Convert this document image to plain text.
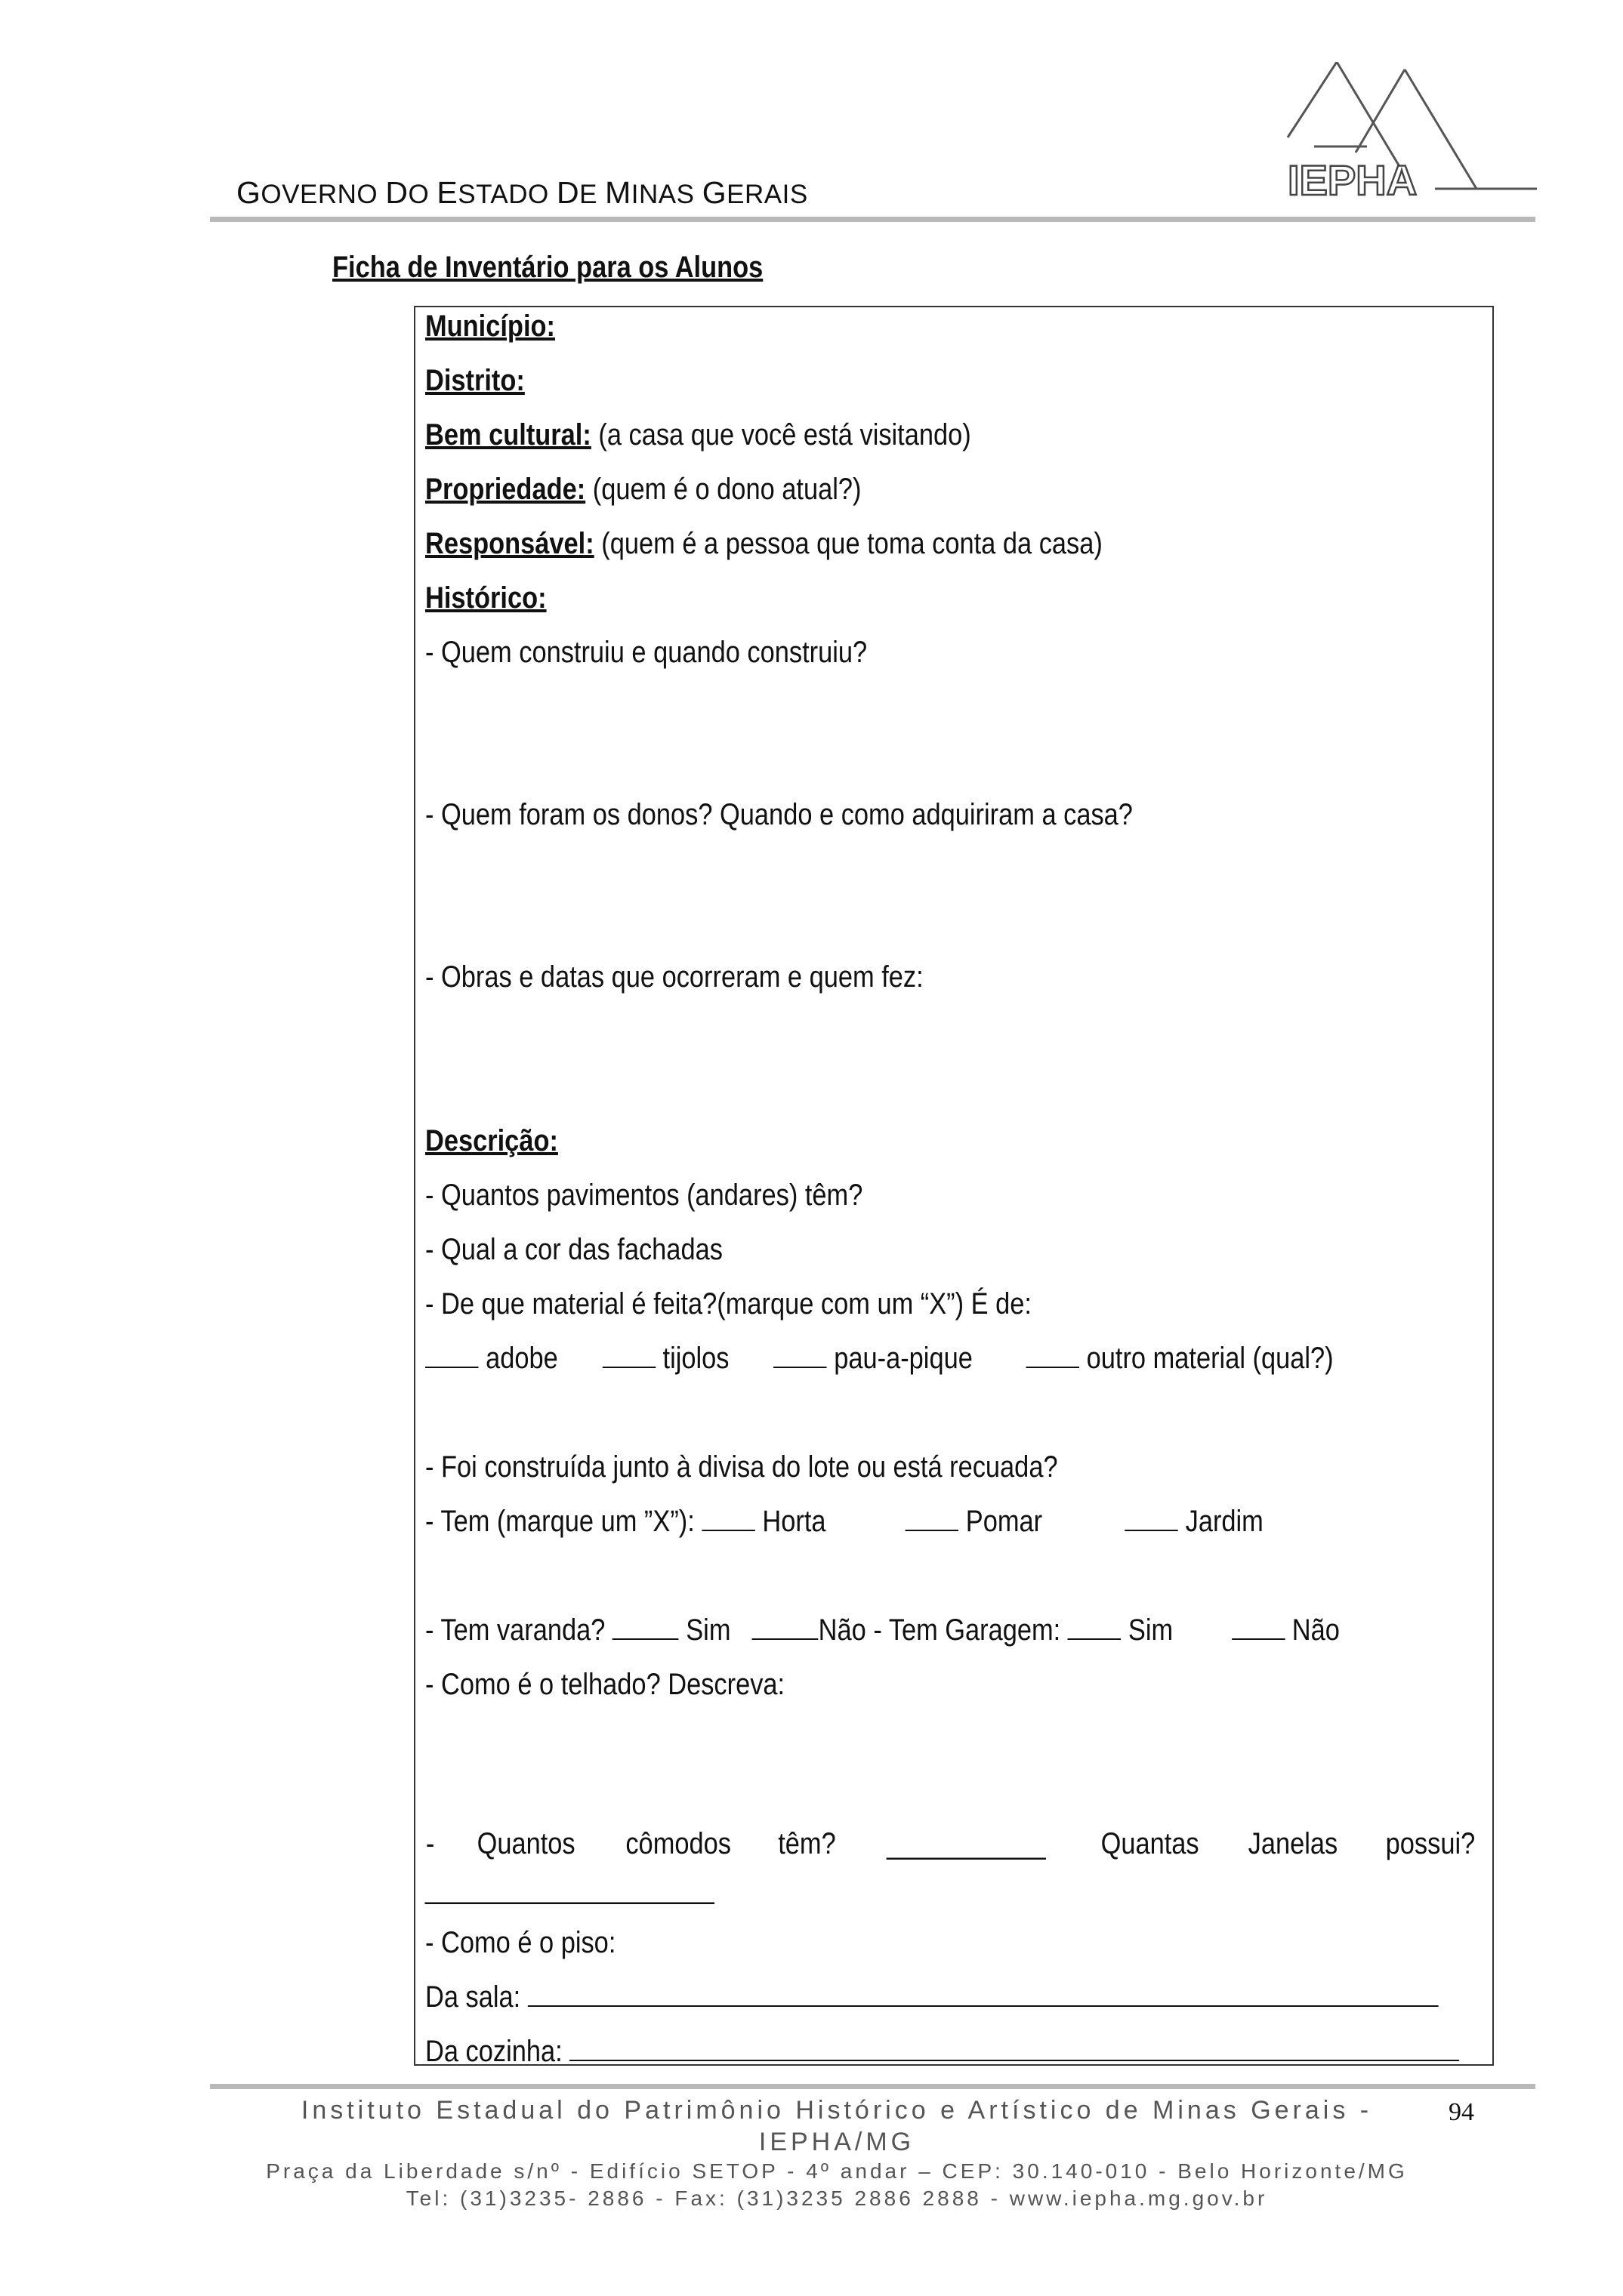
GOVERNO DO ESTADO DE MINAS GERAIS	IEPHA
Ficha de Inventário para os Alunos
Município:
Distrito:
Bem cultural: (a casa que você está visitando)
Propriedade: (quem é o dono atual?)
Responsável: (quem é a pessoa que toma conta da casa)
Histórico:
- Quem construiu e quando construiu?
- Quem foram os donos? Quando e como adquiriram a casa?
- Obras e datas que ocorreram e quem fez:
Descrição:
- Quantos pavimentos (andares) têm?
- Qual a cor das fachadas
- De que material é feita?(marque com um “X”) É de:
adobe	tijolos	pau-a-pique	outro material (qual?)
- Foi construída junto à divisa do lote ou está recuada?
- Tem (marque um ”X”):  Horta	Pomar	Jardim
- Tem varanda?  Sim	Não - Tem Garagem:  Sim	Não
- Como é o telhado? Descreva:
- Quantos cômodos têm? ___________ Quantas Janelas possui?
____________________
- Como é o piso:
Da sala:
Da cozinha:
Instituto Estadual do Patrimônio Histórico e Artístico de Minas Gerais -
IEPHA/MG
Praça da Liberdade s/nº - Edifício SETOP - 4º andar – CEP: 30.140-010 - Belo Horizonte/MG
Tel: (31)3235- 2886 - Fax: (31)3235 2886 2888 - www.iepha.mg.gov.br
94
